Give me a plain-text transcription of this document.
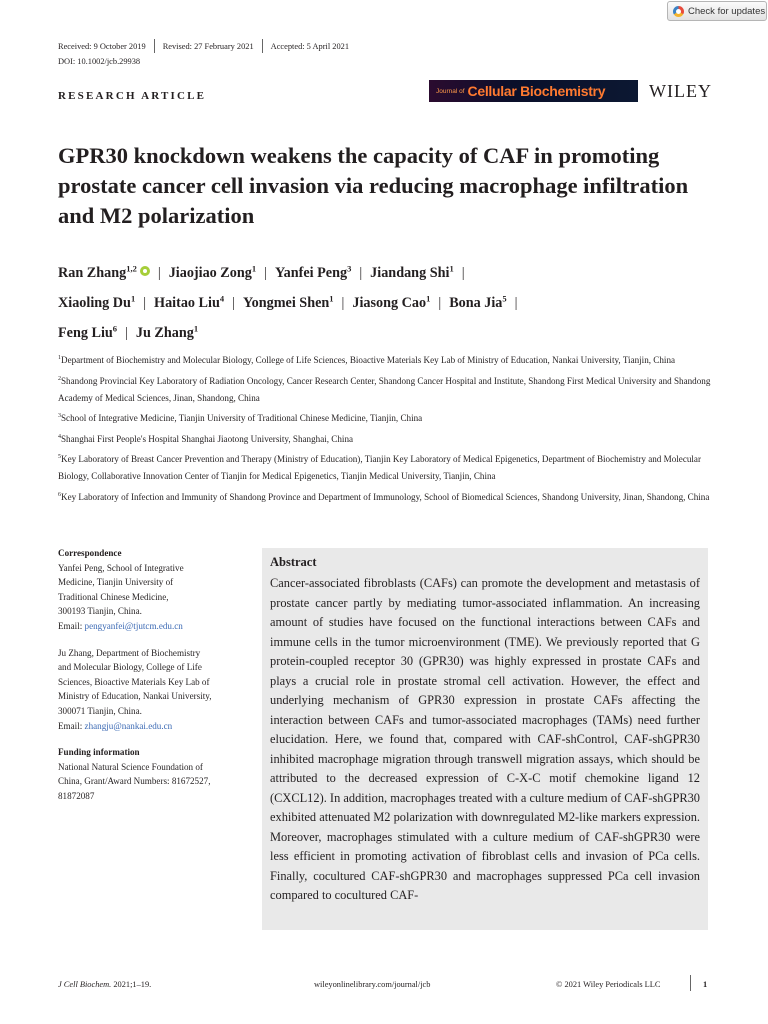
Check for updates
Received: 9 October 2019 Revised: 27 February 2021 Accepted: 5 April 2021
DOI: 10.1002/jcb.29938
RESEARCH ARTICLE	Journal of Cellular Biochemistry WILEY
GPR30 knockdown weakens the capacity of CAF in promoting prostate cancer cell invasion via reducing macrophage infiltration and M2 polarization

Ran Zhang$^{1,2}$ | Jiaojiao Zong$^1$ | Yanfei Peng$^3$ | Jiandang Shi$^1$ |
Xiaoling Du$^1$ | Haitao Liu$^4$ | Yongmei Shen$^1$ | Jiasong Cao$^1$ | Bona Jia$^5$ |
Feng Liu$^6$ | Ju Zhang$^1$

$^1$Department of Biochemistry and Molecular Biology, College of Life Sciences, Bioactive Materials Key Lab of Ministry of Education, Nankai University, Tianjin, China
$^2$Shandong Provincial Key Laboratory of Radiation Oncology, Cancer Research Center, Shandong Cancer Hospital and Institute, Shandong First Medical University and Shandong Academy of Medical Sciences, Jinan, Shandong, China
$^3$School of Integrative Medicine, Tianjin University of Traditional Chinese Medicine, Tianjin, China
$^4$Shanghai First People's Hospital Shanghai Jiaotong University, Shanghai, China
$^5$Key Laboratory of Breast Cancer Prevention and Therapy (Ministry of Education), Tianjin Key Laboratory of Medical Epigenetics, Department of Biochemistry and Molecular Biology, Collaborative Innovation Center of Tianjin for Medical Epigenetics, Tianjin Medical University, Tianjin, China
$^6$Key Laboratory of Infection and Immunity of Shandong Province and Department of Immunology, School of Biomedical Sciences, Shandong University, Jinan, Shandong, China
Correspondence
Yanfei Peng, School of Integrative
Medicine, Tianjin University of
Traditional Chinese Medicine,
300193 Tianjin, China.
Email: pengyanfei@tjutcm.edu.cn
Ju Zhang, Department of Biochemistry
and Molecular Biology, College of Life
Sciences, Bioactive Materials Key Lab of
Ministry of Education, Nankai University,
300071 Tianjin, China.
Email: zhangju@nankai.edu.cn
Funding information
National Natural Science Foundation of
China, Grant/Award Numbers: 81672527,
81872087
Abstract

Cancer-associated fibroblasts (CAFs) can promote the development and metastasis of prostate cancer partly by mediating tumor-associated inflammation. An increasing amount of studies have focused on the functional interactions between CAFs and immune cells in the tumor microenvironment (TME). We previously reported that G protein-coupled receptor 30 (GPR30) was highly expressed in prostate CAFs and plays a crucial role in prostate stromal cell activation. However, the effect and underlying mechanism of GPR30 expression in prostate CAFs affecting the interaction between CAFs and tumor-associated macrophages (TAMs) need further elucidation. Here, we found that, compared with CAF-shControl, CAF-shGPR30 inhibited macrophage migration through transwell migration assays, which should be attributed to the decreased expression of C-X-C motif chemokine ligand 12 (CXCL12). In addition, macrophages treated with a culture medium of CAF-shGPR30 exhibited attenuated M2 polarization with downregulated M2-like markers expression. Moreover, macrophages stimulated with a culture medium of CAF-shGPR30 were less efficient in promoting activation of fibroblast cells and invasion of PCa cells. Finally, cocultured CAF-shGPR30 and macrophages suppressed PCa cell invasion compared to cocultured CAF-

J Cell Biochem. 2021;1–19.	wileyonlinelibrary.com/journal/jcb	© 2021 Wiley Periodicals LLC	1
